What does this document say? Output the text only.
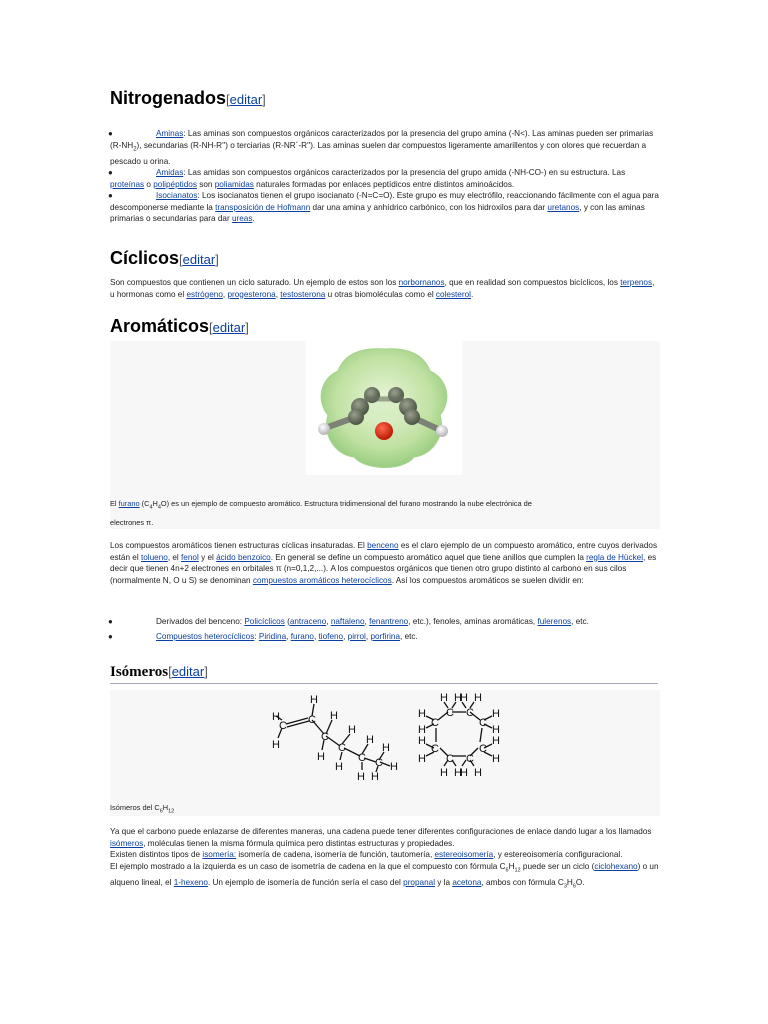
Nitrogenados[editar]
●	Aminas: Las aminas son compuestos orgánicos caracterizados por la presencia del grupo amina (-N<). Las aminas pueden ser primarias $(R-NH_2)$, secundarias (R-NH-R'') o terciarias (R-NR´-R''). Las aminas suelen dar compuestos ligeramente amarillentos y con olores que recuerdan a pescado u orina.
●	Amidas: Las amidas son compuestos orgánicos caracterizados por la presencia del grupo amida (-NH-CO-) en su estructura. Las proteínas o polipéptidos son poliamidas naturales formadas por enlaces peptídicos entre distintos aminoácidos.
●	Isocianatos: Los isocianatos tienen el grupo isocianato (-N=C=O). Este grupo es muy electrófilo, reaccionando fácilmente con el agua para descomponerse mediante la transposición de Hofmann dar una amina y anhídrico carbónico, con los hidroxilos para dar uretanos, y con las aminas primarias o secundarias para dar ureas.
Cíclicos[editar]

Son compuestos que contienen un ciclo saturado. Un ejemplo de estos son los norbornanos, que en realidad son compuestos bicíclicos, los terpenos, u hormonas como el estrógeno, progesterona, testosterona u otras biomoléculas como el colesterol.

Aromáticos[editar]
El furano $(C_4H_4O)$ es un ejemplo de compuesto aromático. Estructura tridimensional del furano mostrando la nube electrónica de
electrones π.

Los compuestos aromáticos tienen estructuras cíclicas insaturadas. El benceno es el claro ejemplo de un compuesto aromático, entre cuyos derivados están el tolueno, el fenol y el ácido benzoico. En general se define un compuesto aromático aquel que tiene anillos que cumplen la regla de Hückel, es decir que tienen 4n+2 electrones en orbitales π (n=0,1,2,...). A los compuestos orgánicos que tienen otro grupo distinto al carbono en sus cilos (normalmente N, O u S) se denominan compuestos aromáticos heterocíclicos. Así los compuestos aromáticos se suelen dividir en:

●	Derivados del benceno: Policíclicos (antraceno, naftaleno, fenantreno, etc.), fenoles, aminas aromáticas, fulerenos, etc.
●	Compuestos heterocíclicos: Piridina, furano, tiofeno, pirrol, porfirina, etc.
Isómeros[editar]
H
C
H
C
H
C
H
H
C
H
H
C
H
H
C
H
H
H
C C
C	C
C	C
C C
H H
H H
H
H
H
H
H
H
H
H
H H
H H
Isómeros del $C_6H_{12}$

Ya que el carbono puede enlazarse de diferentes maneras, una cadena puede tener diferentes configuraciones de enlace dando lugar a los llamados isómeros, moléculas tienen la misma fórmula química pero distintas estructuras y propiedades.

Existen distintos tipos de isomería: isomería de cadena, isomería de función, tautomería, estereoisomería, y estereoisomería configuracional.

El ejemplo mostrado a la izquierda es un caso de isometría de cadena en la que el compuesto con fórmula $C_6H_{12}$ puede ser un ciclo (ciclohexano) o un alqueno lineal, el 1-hexeno. Un ejemplo de isomería de función sería el caso del propanal y la acetona, ambos con fórmula $C_3H_6O$.
